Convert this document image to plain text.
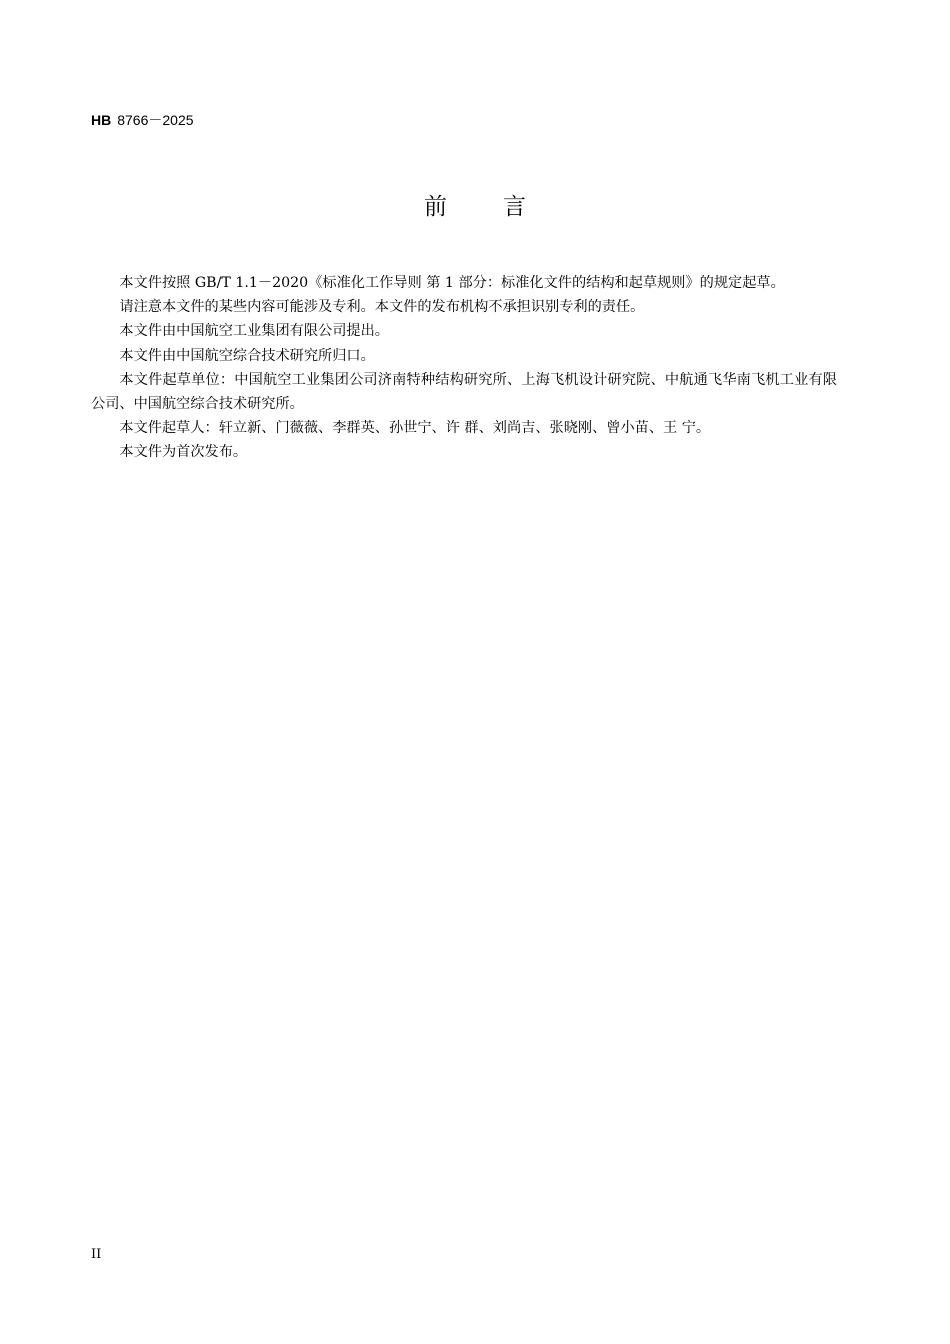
HB 8766－2025
前言

本文件按照 GB/T 1.1－2020《标准化工作导则 第 1 部分：标准化文件的结构和起草规则》的规定起草。

请注意本文件的某些内容可能涉及专利。本文件的发布机构不承担识别专利的责任。

本文件由中国航空工业集团有限公司提出。

本文件由中国航空综合技术研究所归口。

本文件起草单位：中国航空工业集团公司济南特种结构研究所、上海飞机设计研究院、中航通飞华南飞机工业有限公司、中国航空综合技术研究所。

本文件起草人：轩立新、门薇薇、李群英、孙世宁、许 群、刘尚吉、张晓刚、曾小苗、王 宁。

本文件为首次发布。

II
